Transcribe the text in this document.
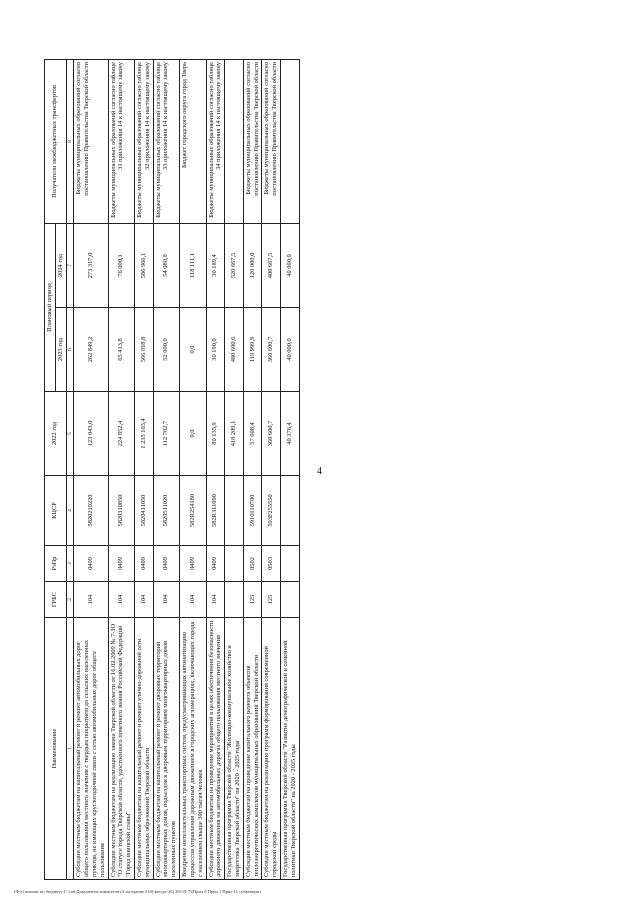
4
Наименование	ГРБС	РзПр	КЦСР	2022 год	Плановый период		Получатели межбюджетных трансфертов
					2023 год	2024 год	
1	2	3	4	5	6	7	8
Субсидии местным бюджетам на капитальный ремонт и ремонт автомобильных дорог общего пользования местного значения с твердым покрытием до сельских населенных пунктов, не имеющих круглогодичной связи с сетью автомобильных дорог общего пользования	104	0409	5820210220	123 043,0	262 849,2	273 317,0	Бюджеты муниципальных образований согласно постановлению Правительства Тверской области
Субсидии местным бюджетам на реализацию закона Тверской области от 16.02.2009 № 7-ЗО "О статусе города Тверской области, удостоенного почетного звания Российской Федерации "Город воинской славы"	104	0409	5820310850	224 852,4	65 413,8	76 000,1	Бюджеты муниципальных образований согласно таблице 31 приложения 14 к настоящему закону
Субсидии местным бюджетам на капитальный ремонт и ремонт улично-дорожной сети муниципальных образований Тверской области	104	0409	5820411050	1 235 103,4	566 018,8	586 966,1	Бюджеты муниципальных образований согласно таблице 32 приложения 14 к настоящему закону
Субсидии местным бюджетам на капитальный ремонт и ремонт дворовых территорий многоквартирных домов, подъездов к дворовым территориям многоквартирных домов населенных пунктов	104	0409	5820511020	112 702,7	52 000,0	54 080,0	Бюджеты муниципальных образований согласно таблице 33 приложения 14 к настоящему закону
Внедрение интеллектуальных транспортных систем, предусматривающих автоматизацию процессов управления дорожным движением в городских агломерациях, включающих города с населением свыше 300 тысяч человек	104	0409	582R254180	0,0	0,0	118 111,1	Бюджет городского округа город Тверь
Субсидии местным бюджетам на проведение мероприятий в целях обеспечения безопасности дорожного движения на автомобильных дорогах общего пользования местного значения	104	0409	582R311090	80 135,9	30 190,0	30 189,4	Бюджеты муниципальных образований согласно таблице 34 приложения 14 к настоящему закону
Государственная программа Тверской области "Жилищно-коммунальное хозяйство и энергетика Тверской области" на 2020 - 2025 годы				418 209,1	480 600,6	520 667,5	
Субсидии местным бюджетам на проведение капитального ремонта объектов теплоэнергетических комплексов муниципальных образований Тверской области	125	0502	5910110700	57 608,4	119 999,9	120 000,0	Бюджеты муниципальных образований согласно постановлению Правительства Тверской области
Субсидии местным бюджетам на реализацию программ формирования современной городской среды	125	0503	593F255550	360 600,7	360 600,7	400 667,5	Бюджеты муниципальных образований согласно постановлению Правительства Тверской области
Государственная программа Тверской области "Развитие демографической и семейной политики Тверской области" на 2020 - 2025 годы				40 376,4	40 000,0	40 000,0	
(Ф:ё) вешант по бюджету Г:\сов\Документы комитетов (4 заседание 010)\ресурс\(6) 265-П-7\(Прил 8 Прил 1 Прил 11 субвенции)
